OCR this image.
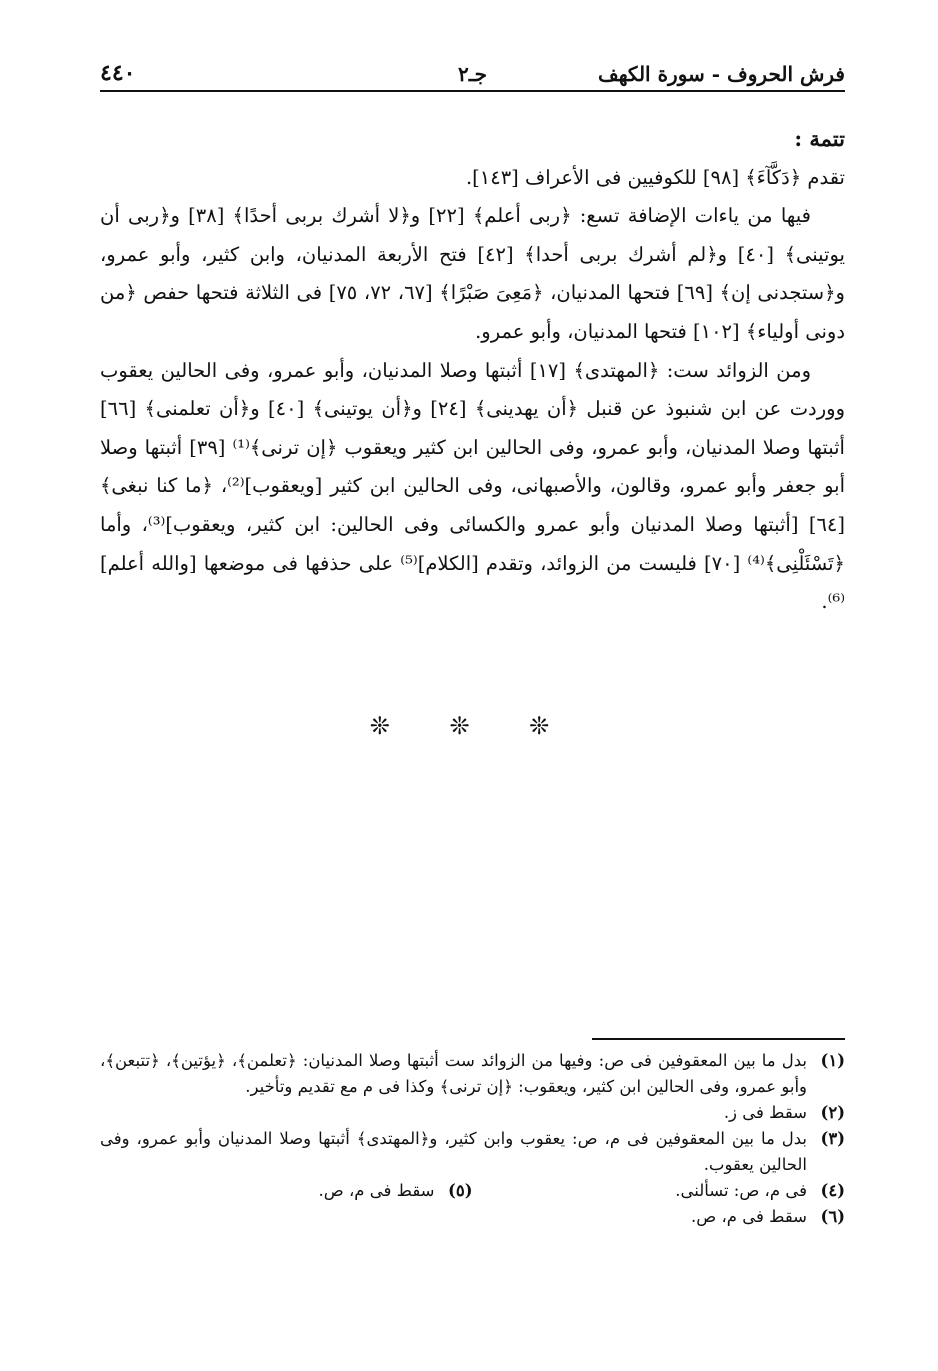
فرش الحروف - سورة الكهف
جـ٢
٤٤٠

تتمة :

تقدم ﴿دَكَّآءَ﴾ [٩٨] للكوفيين فى الأعراف [١٤٣].

فيها من ياءات الإضافة تسع: ﴿ربى أعلم﴾ [٢٢] و﴿لا أشرك بربى أحدًا﴾ [٣٨] و﴿ربى أن يوتينى﴾ [٤٠] و﴿لم أشرك بربى أحدا﴾ [٤٢] فتح الأربعة المدنيان، وابن كثير، وأبو عمرو، و﴿ستجدنى إن﴾ [٦٩] فتحها المدنيان، ﴿مَعِىَ صَبْرًا﴾ [٦٧، ٧٢، ٧٥] فى الثلاثة فتحها حفص ﴿من دونى أولياء﴾ [١٠٢] فتحها المدنيان، وأبو عمرو.

ومن الزوائد ست: ﴿المهتدى﴾ [١٧] أثبتها وصلا المدنيان، وأبو عمرو، وفى الحالين يعقوب ووردت عن ابن شنبوذ عن قنبل ﴿أن يهدينى﴾ [٢٤] و﴿أن يوتينى﴾ [٤٠] و﴿أن تعلمنى﴾ [٦٦] أثبتها وصلا المدنيان، وأبو عمرو، وفى الحالين ابن كثير ويعقوب ﴿إن ترنى﴾⁽¹⁾ [٣٩] أثبتها وصلا أبو جعفر وأبو عمرو، وقالون، والأصبهانى، وفى الحالين ابن كثير [ويعقوب]⁽²⁾، ﴿ما كنا نبغى﴾ [٦٤] [أثبتها وصلا المدنيان وأبو عمرو والكسائى وفى الحالين: ابن كثير، ويعقوب]⁽³⁾، وأما ﴿تَسْئَلْنِى﴾⁽⁴⁾ [٧٠] فليست من الزوائد، وتقدم [الكلام]⁽⁵⁾ على حذفها فى موضعها [والله أعلم]⁽⁶⁾.

❊ ❊ ❊
(١)
بدل ما بين المعقوفين فى ص: وفيها من الزوائد ست أثبتها وصلا المدنيان: ﴿تعلمن﴾، ﴿يؤتين﴾، ﴿تتبعن﴾، وأبو عمرو، وفى الحالين ابن كثير، ويعقوب: ﴿إن ترنى﴾ وكذا فى م مع تقديم وتأخير.
(٢)
سقط فى ز.
(٣)
بدل ما بين المعقوفين فى م، ص: يعقوب وابن كثير، و﴿المهتدى﴾ أثبتها وصلا المدنيان وأبو عمرو، وفى الحالين يعقوب.
(٤)
فى م، ص: تسألنى.
(٥)
سقط فى م، ص.
(٦)
سقط فى م، ص.
